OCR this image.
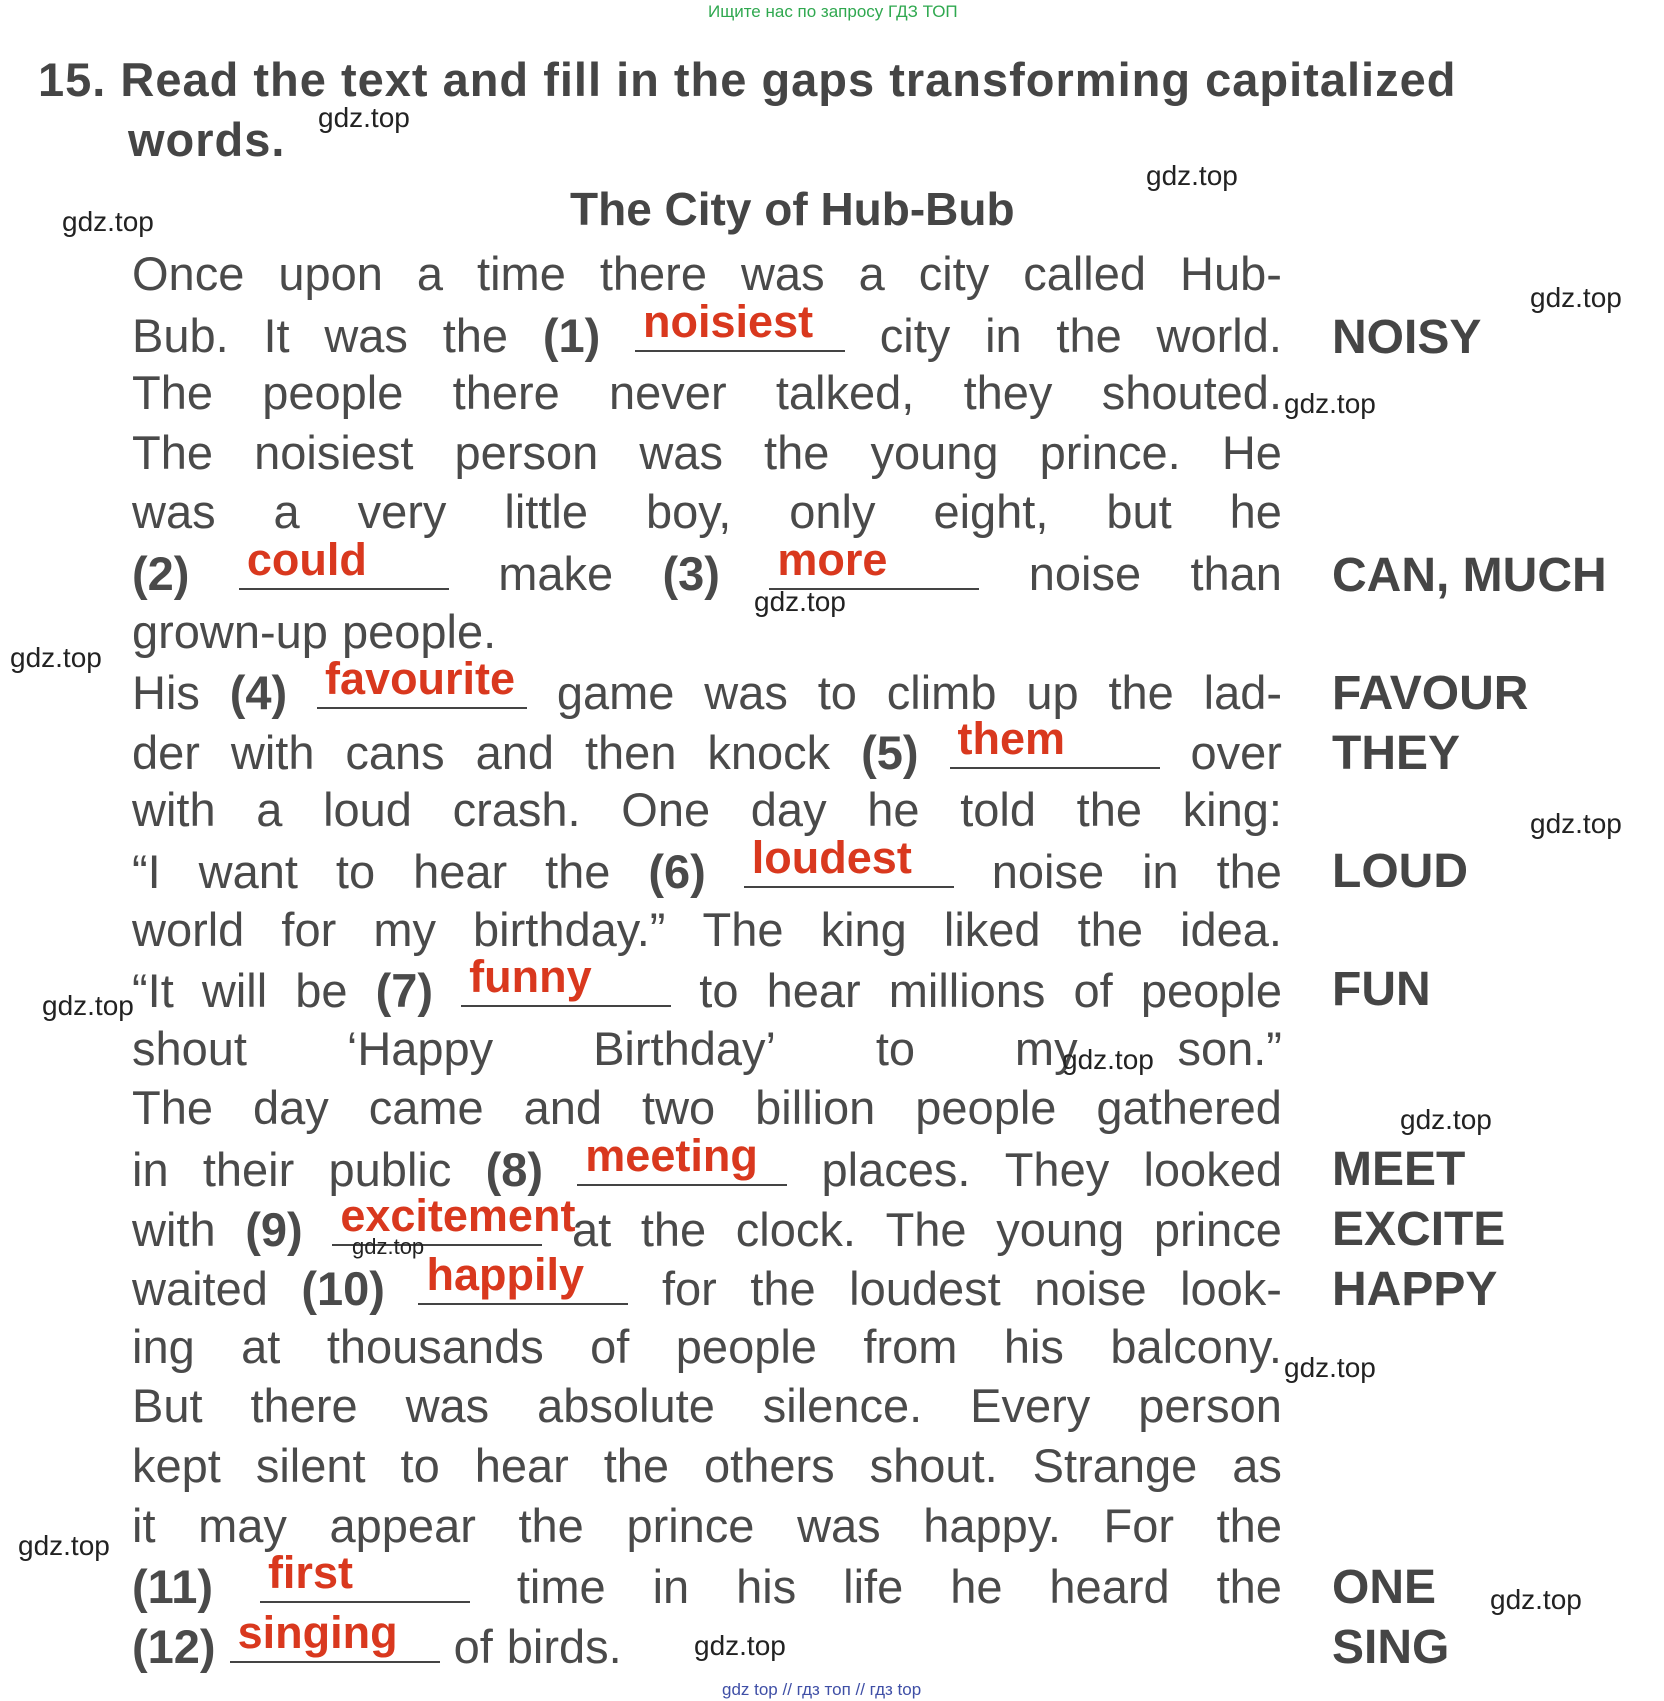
Ищите нас по запросу ГДЗ ТОП
15. Read the text and fill in the gaps transforming capitalized
words.
The City of Hub-Bub
Once upon a time there was a city called Hub-
Bub. It was the (1) noisiest city in the world.
The people there never talked, they shouted.
The noisiest person was the young prince. He
was a very little boy, only eight, but he
(2) could	make (3) more	noise than
grown-up people.
His (4) favourite game was to climb up the lad-
der with cans and then knock (5) them	over
with a loud crash. One day he told the king:
“I want to hear the (6) loudest noise in the
world for my birthday.” The king liked the idea.
“It will be (7) funny to hear millions of people
shout ‘Happy Birthday’ to my son.”
The day came and two billion people gathered
in their public (8) meeting places. They looked
with (9) excitement
at the clock. The young prince
waited (10) happily for the loudest noise look-
ing at thousands of people from his balcony.
But there was absolute silence. Every person
kept silent to hear the others shout. Strange as
it may appear the prince was happy. For the
(11) first	time in his life he heard the
(12) singing of birds.
NOISY
CAN, MUCH
FAVOUR
THEY
LOUD
FUN
MEET
EXCITE
HAPPY
ONE
SING
gdz.top
gdz.top
gdz.top
gdz.top
gdz.top
gdz.top
gdz.top
gdz.top
gdz.top
gdz.top
gdz.top
gdz.top
gdz.top
gdz.top
gdz.top
gdz.top
gdz top // гдз топ // гдз top
